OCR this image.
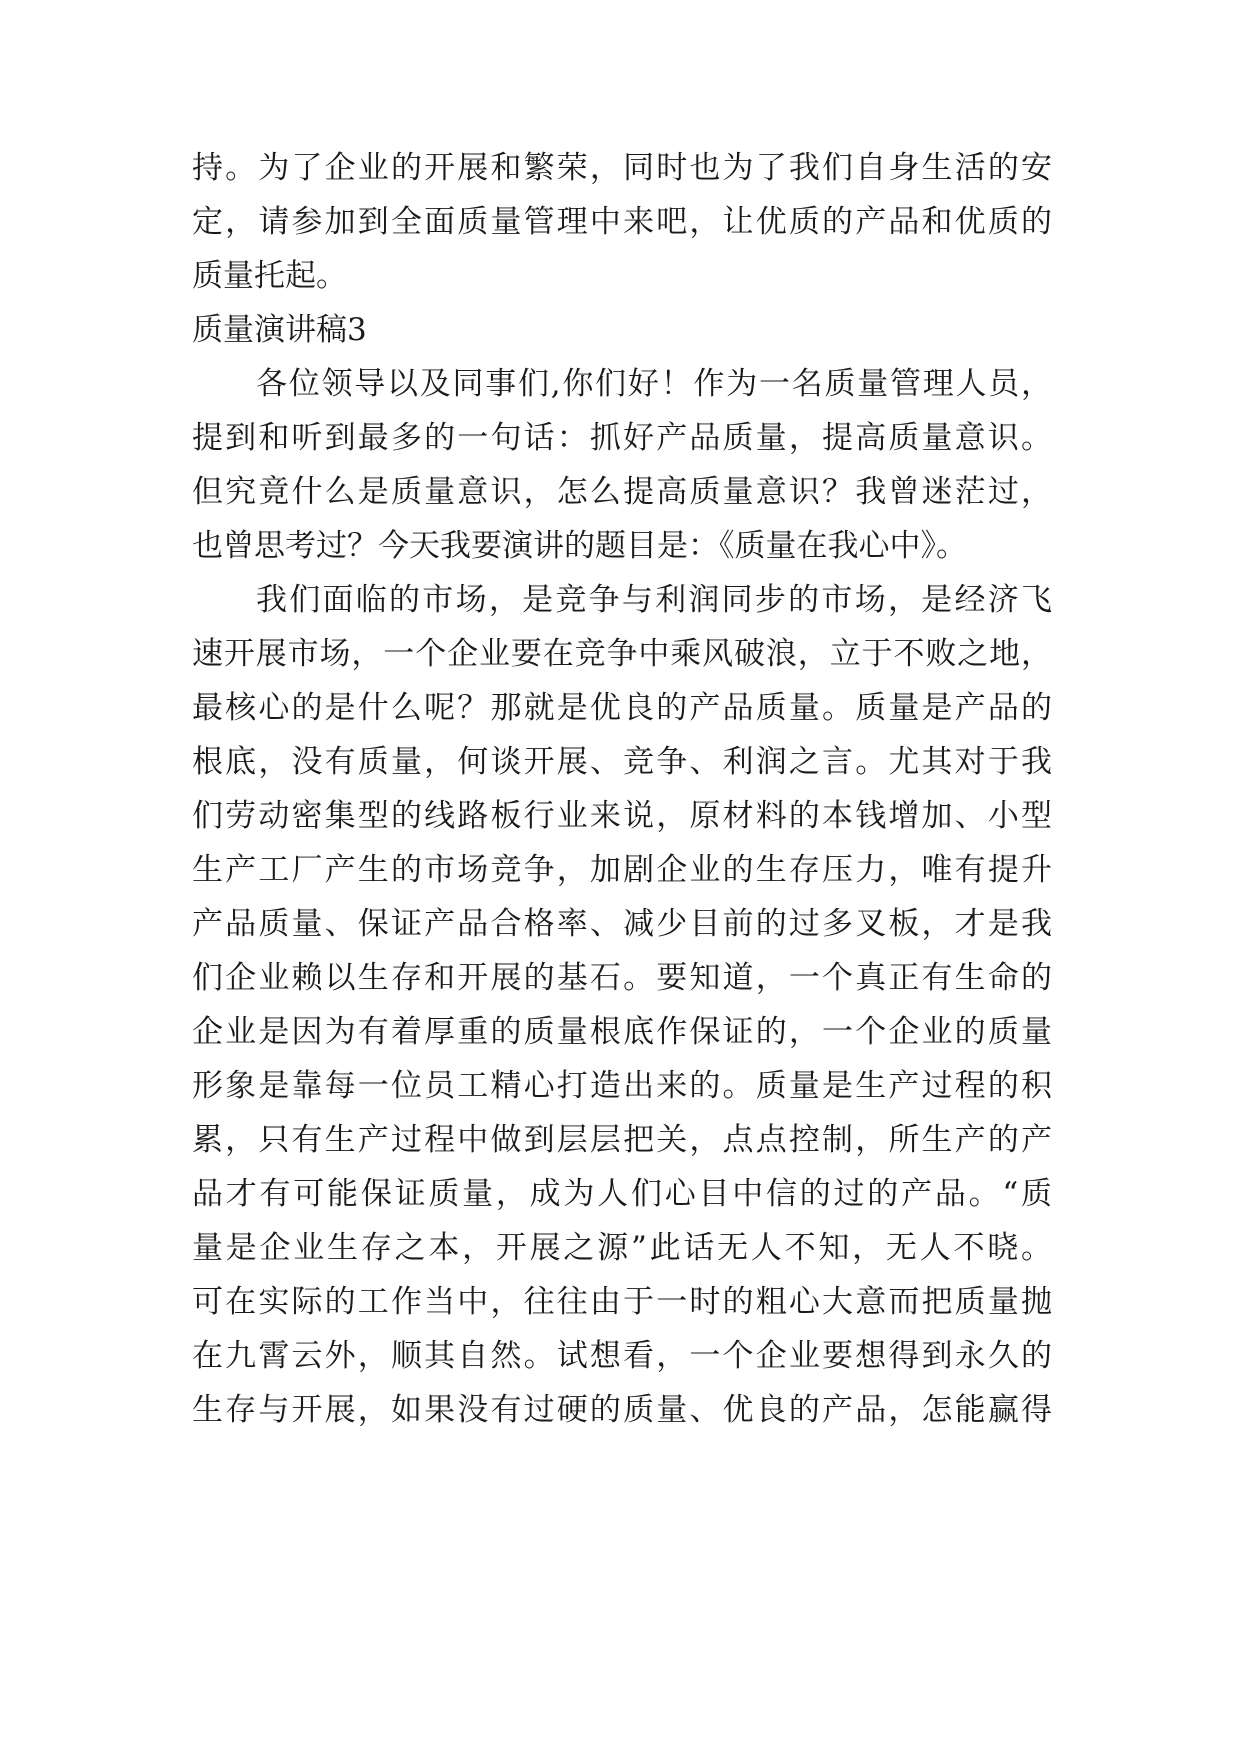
持。为了企业的开展和繁荣，同时也为了我们自身生活的安
定，请参加到全面质量管理中来吧，让优质的产品和优质的
质量托起。
质量演讲稿3
各位领导以及同事们,你们好！作为一名质量管理人员，
提到和听到最多的一句话：抓好产品质量，提高质量意识。
但究竟什么是质量意识，怎么提高质量意识？我曾迷茫过，
也曾思考过？今天我要演讲的题目是：《质量在我心中》。
我们面临的市场，是竞争与利润同步的市场，是经济飞
速开展市场，一个企业要在竞争中乘风破浪，立于不败之地，
最核心的是什么呢？那就是优良的产品质量。质量是产品的
根底，没有质量，何谈开展、竞争、利润之言。尤其对于我
们劳动密集型的线路板行业来说，原材料的本钱增加、小型
生产工厂产生的市场竞争，加剧企业的生存压力，唯有提升
产品质量、保证产品合格率、减少目前的过多叉板，才是我
们企业赖以生存和开展的基石。要知道，一个真正有生命的
企业是因为有着厚重的质量根底作保证的，一个企业的质量
形象是靠每一位员工精心打造出来的。质量是生产过程的积
累，只有生产过程中做到层层把关，点点控制，所生产的产
品才有可能保证质量，成为人们心目中信的过的产品。“质
量是企业生存之本，开展之源”此话无人不知，无人不晓。
可在实际的工作当中，往往由于一时的粗心大意而把质量抛
在九霄云外，顺其自然。试想看，一个企业要想得到永久的
生存与开展，如果没有过硬的质量、优良的产品，怎能赢得
